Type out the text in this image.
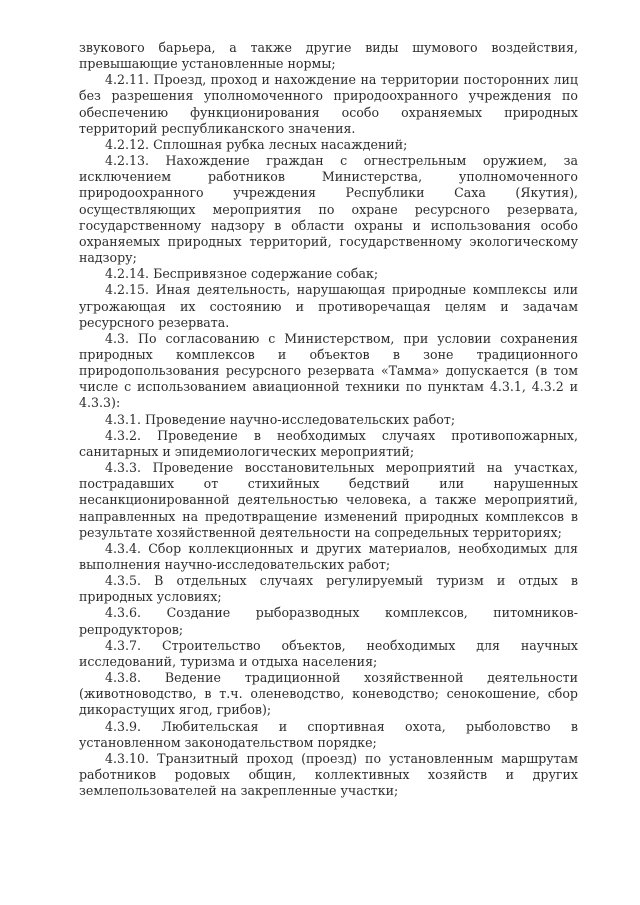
звукового барьера, а также другие виды шумового воздействия, превышающие установленные нормы;

4.2.11. Проезд, проход и нахождение на территории посторонних лиц без разрешения уполномоченного природоохранного учреждения по обеспечению функционирования особо охраняемых природных территорий республиканского значения.

4.2.12. Сплошная рубка лесных насаждений;

4.2.13. Нахождение граждан с огнестрельным оружием, за исключением работников Министерства, уполномоченного природоохранного учреждения Республики Саха (Якутия), осуществляющих мероприятия по охране ресурсного резервата, государственному надзору в области охраны и использования особо охраняемых природных территорий, государственному экологическому надзору;

4.2.14. Беспривязное содержание собак;

4.2.15. Иная деятельность, нарушающая природные комплексы или угрожающая их состоянию и противоречащая целям и задачам ресурсного резервата.

4.3. По согласованию с Министерством, при условии сохранения природных комплексов и объектов в зоне традиционного природопользования ресурсного резервата «Тамма» допускается (в том числе с использованием авиационной техники по пунктам 4.3.1, 4.3.2 и 4.3.3):

4.3.1. Проведение научно-исследовательских работ;

4.3.2. Проведение в необходимых случаях противопожарных, санитарных и эпидемиологических мероприятий;

4.3.3. Проведение восстановительных мероприятий на участках, пострадавших от стихийных бедствий или нарушенных несанкционированной деятельностью человека, а также мероприятий, направленных на предотвращение изменений природных комплексов в результате хозяйственной деятельности на сопредельных территориях;

4.3.4. Сбор коллекционных и других материалов, необходимых для выполнения научно-исследовательских работ;

4.3.5. В отдельных случаях регулируемый туризм и отдых в природных условиях;

4.3.6. Создание рыборазводных комплексов, питомников-репродукторов;

4.3.7. Строительство объектов, необходимых для научных исследований, туризма и отдыха населения;

4.3.8. Ведение традиционной хозяйственной деятельности (животноводство, в т.ч. оленеводство, коневодство; сенокошение, сбор дикорастущих ягод, грибов);

4.3.9. Любительская и спортивная охота, рыболовство в установленном законодательством порядке;

4.3.10. Транзитный проход (проезд) по установленным маршрутам работников родовых общин, коллективных хозяйств и других землепользователей на закрепленные участки;
